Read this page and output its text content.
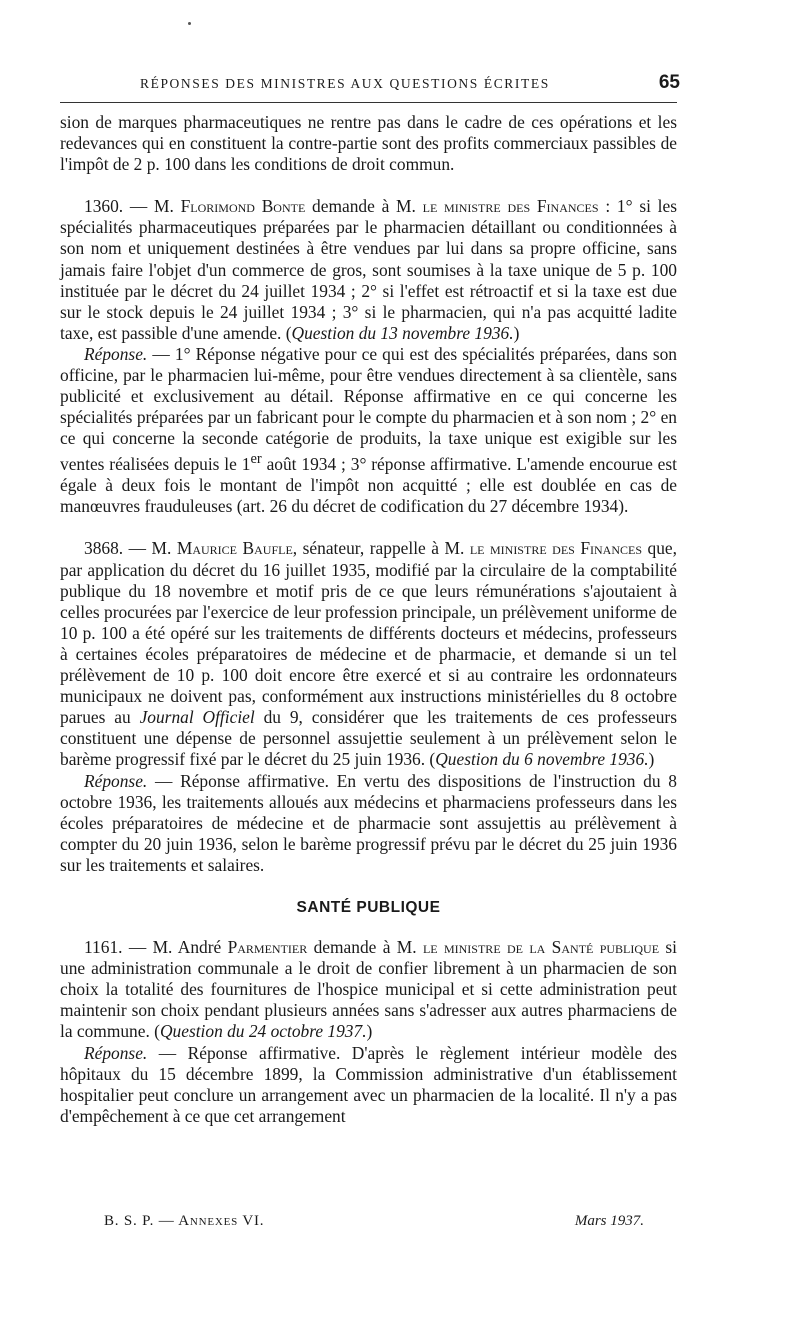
RÉPONSES DES MINISTRES AUX QUESTIONS ÉCRITES	65

sion de marques pharmaceutiques ne rentre pas dans le cadre de ces opérations et les redevances qui en constituent la contre-partie sont des profits commerciaux passibles de l'impôt de 2 p. 100 dans les conditions de droit commun.

1360. — M. Florimond Bonte demande à M. le ministre des Finances : 1° si les spécialités pharmaceutiques préparées par le pharmacien détaillant ou conditionnées à son nom et uniquement destinées à être vendues par lui dans sa propre officine, sans jamais faire l'objet d'un commerce de gros, sont soumises à la taxe unique de 5 p. 100 instituée par le décret du 24 juillet 1934 ; 2° si l'effet est rétroactif et si la taxe est due sur le stock depuis le 24 juillet 1934 ; 3° si le pharmacien, qui n'a pas acquitté ladite taxe, est passible d'une amende. (Question du 13 novembre 1936.)

Réponse. — 1° Réponse négative pour ce qui est des spécialités préparées, dans son officine, par le pharmacien lui-même, pour être vendues directement à sa clientèle, sans publicité et exclusivement au détail. Réponse affirmative en ce qui concerne les spécialités préparées par un fabricant pour le compte du pharmacien et à son nom ; 2° en ce qui concerne la seconde catégorie de produits, la taxe unique est exigible sur les ventes réalisées depuis le 1er août 1934 ; 3° réponse affirmative. L'amende encourue est égale à deux fois le montant de l'impôt non acquitté ; elle est doublée en cas de manœuvres frauduleuses (art. 26 du décret de codification du 27 décembre 1934).

3868. — M. Maurice Baufle, sénateur, rappelle à M. le ministre des Finances que, par application du décret du 16 juillet 1935, modifié par la circulaire de la comptabilité publique du 18 novembre et motif pris de ce que leurs rémunérations s'ajoutaient à celles procurées par l'exercice de leur profession principale, un prélèvement uniforme de 10 p. 100 a été opéré sur les traitements de différents docteurs et médecins, professeurs à certaines écoles préparatoires de médecine et de pharmacie, et demande si un tel prélèvement de 10 p. 100 doit encore être exercé et si au contraire les ordonnateurs municipaux ne doivent pas, conformément aux instructions ministérielles du 8 octobre parues au Journal Officiel du 9, considérer que les traitements de ces professeurs constituent une dépense de personnel assujettie seulement à un prélèvement selon le barème progressif fixé par le décret du 25 juin 1936. (Question du 6 novembre 1936.)

Réponse. — Réponse affirmative. En vertu des dispositions de l'instruction du 8 octobre 1936, les traitements alloués aux médecins et pharmaciens professeurs dans les écoles préparatoires de médecine et de pharmacie sont assujettis au prélèvement à compter du 20 juin 1936, selon le barème progressif prévu par le décret du 25 juin 1936 sur les traitements et salaires.

SANTÉ PUBLIQUE

1161. — M. André Parmentier demande à M. le ministre de la Santé publique si une administration communale a le droit de confier librement à un pharmacien de son choix la totalité des fournitures de l'hospice municipal et si cette administration peut maintenir son choix pendant plusieurs années sans s'adresser aux autres pharmaciens de la commune. (Question du 24 octobre 1937.)

Réponse. — Réponse affirmative. D'après le règlement intérieur modèle des hôpitaux du 15 décembre 1899, la Commission administrative d'un établissement hospitalier peut conclure un arrangement avec un pharmacien de la localité. Il n'y a pas d'empêchement à ce que cet arrangement

B. S. P. — Annexes VI.	Mars 1937.
